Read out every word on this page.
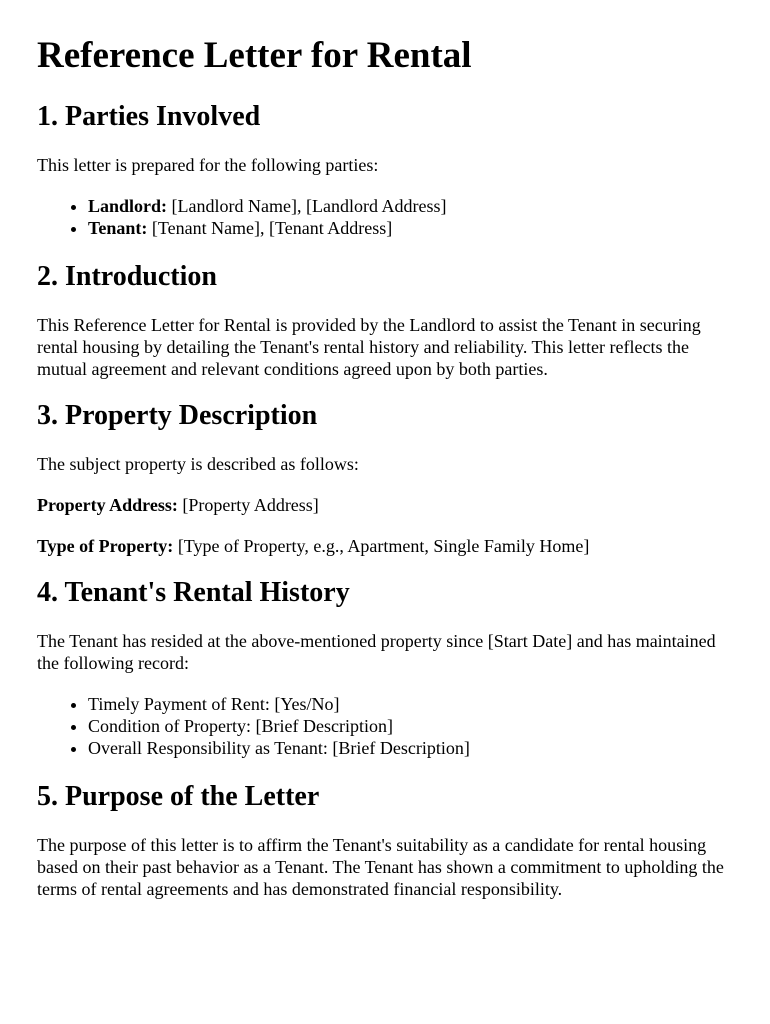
Reference Letter for Rental
1. Parties Involved

This letter is prepared for the following parties:

• Landlord: [Landlord Name], [Landlord Address]
• Tenant: [Tenant Name], [Tenant Address]
2. Introduction

This Reference Letter for Rental is provided by the Landlord to assist the Tenant in securing rental housing by detailing the Tenant's rental history and reliability. This letter reflects the mutual agreement and relevant conditions agreed upon by both parties.

3. Property Description

The subject property is described as follows:

Property Address: [Property Address]

Type of Property: [Type of Property, e.g., Apartment, Single Family Home]

4. Tenant's Rental History

The Tenant has resided at the above-mentioned property since [Start Date] and has maintained the following record:

• Timely Payment of Rent: [Yes/No]
• Condition of Property: [Brief Description]
• Overall Responsibility as Tenant: [Brief Description]
5. Purpose of the Letter

The purpose of this letter is to affirm the Tenant's suitability as a candidate for rental housing based on their past behavior as a Tenant. The Tenant has shown a commitment to upholding the terms of rental agreements and has demonstrated financial responsibility.
